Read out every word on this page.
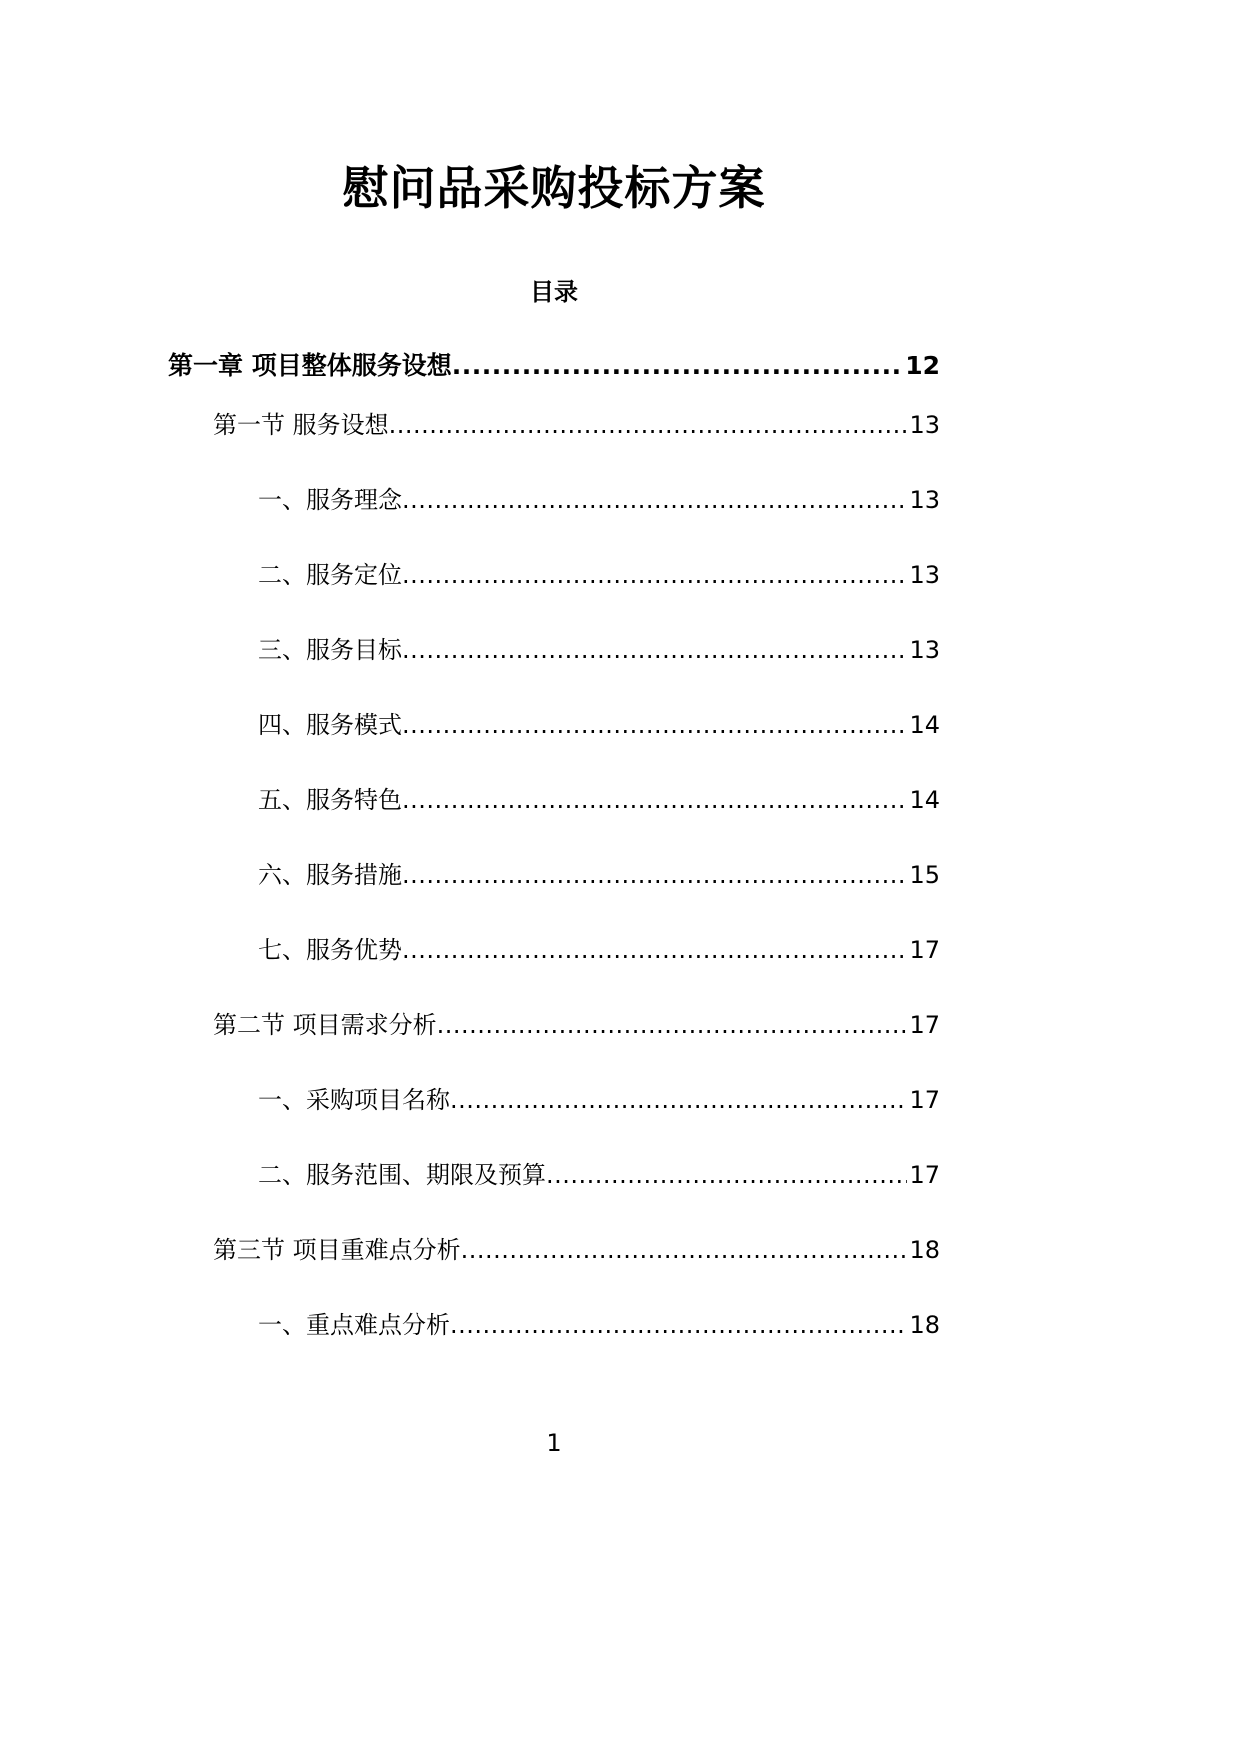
慰问品采购投标方案
目录
第一章 项目整体服务设想 .....	12
第一节 服务设想 .....	13
一、服务理念 .....	13
二、服务定位 .....	13
三、服务目标 .....	13
四、服务模式 .....	14
五、服务特色 .....	14
六、服务措施 .....	15
七、服务优势 .....	17
第二节 项目需求分析 .....	17
一、采购项目名称 .....	17
二、服务范围、期限及预算 .....	17
第三节 项目重难点分析 .....	18
一、重点难点分析 .....	18
1
